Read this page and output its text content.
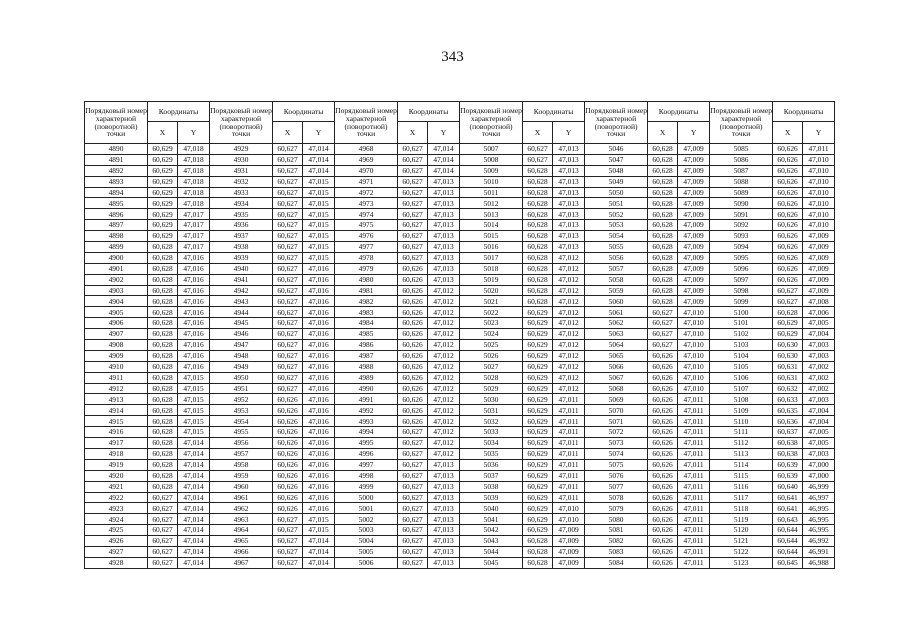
343
Порядковый номер характерной (поворотной) точки	Координаты		Порядковый номер характерной (поворотной) точки	Координаты		Порядковый номер характерной (поворотной) точки	Координаты		Порядковый номер характерной (поворотной) точки	Координаты		Порядковый номер характерной (поворотной) точки	Координаты		Порядковый номер характерной (поворотной) точки	Координаты	
	X	Y		X	Y		X	Y		X	Y		X	Y		X	Y
4890	60,629	47,018	4929	60,627	47,014	4968	60,627	47,014	5007	60,627	47,013	5046	60,628	47,009	5085	60,626	47,011
4891	60,629	47,018	4930	60,627	47,014	4969	60,627	47,014	5008	60,627	47,013	5047	60,628	47,009	5086	60,626	47,010
4892	60,629	47,018	4931	60,627	47,014	4970	60,627	47,014	5009	60,628	47,013	5048	60,628	47,009	5087	60,626	47,010
4893	60,629	47,018	4932	60,627	47,015	4971	60,627	47,013	5010	60,628	47,013	5049	60,628	47,009	5088	60,626	47,010
4894	60,629	47,018	4933	60,627	47,015	4972	60,627	47,013	5011	60,628	47,013	5050	60,628	47,009	5089	60,626	47,010
4895	60,629	47,018	4934	60,627	47,015	4973	60,627	47,013	5012	60,628	47,013	5051	60,628	47,009	5090	60,626	47,010
4896	60,629	47,017	4935	60,627	47,015	4974	60,627	47,013	5013	60,628	47,013	5052	60,628	47,009	5091	60,626	47,010
4897	60,629	47,017	4936	60,627	47,015	4975	60,627	47,013	5014	60,628	47,013	5053	60,628	47,009	5092	60,626	47,010
4898	60,629	47,017	4937	60,627	47,015	4976	60,627	47,013	5015	60,628	47,013	5054	60,628	47,009	5093	60,626	47,009
4899	60,628	47,017	4938	60,627	47,015	4977	60,627	47,013	5016	60,628	47,013	5055	60,628	47,009	5094	60,626	47,009
4900	60,628	47,016	4939	60,627	47,015	4978	60,627	47,013	5017	60,628	47,012	5056	60,628	47,009	5095	60,626	47,009
4901	60,628	47,016	4940	60,627	47,016	4979	60,626	47,013	5018	60,628	47,012	5057	60,628	47,009	5096	60,626	47,009
4902	60,628	47,016	4941	60,627	47,016	4980	60,626	47,013	5019	60,628	47,012	5058	60,628	47,009	5097	60,626	47,009
4903	60,628	47,016	4942	60,627	47,016	4981	60,626	47,012	5020	60,628	47,012	5059	60,628	47,009	5098	60,627	47,009
4904	60,628	47,016	4943	60,627	47,016	4982	60,626	47,012	5021	60,628	47,012	5060	60,628	47,009	5099	60,627	47,008
4905	60,628	47,016	4944	60,627	47,016	4983	60,626	47,012	5022	60,629	47,012	5061	60,627	47,010	5100	60,628	47,006
4906	60,628	47,016	4945	60,627	47,016	4984	60,626	47,012	5023	60,629	47,012	5062	60,627	47,010	5101	60,629	47,005
4907	60,628	47,016	4946	60,627	47,016	4985	60,626	47,012	5024	60,629	47,012	5063	60,627	47,010	5102	60,629	47,004
4908	60,628	47,016	4947	60,627	47,016	4986	60,626	47,012	5025	60,629	47,012	5064	60,627	47,010	5103	60,630	47,003
4909	60,628	47,016	4948	60,627	47,016	4987	60,626	47,012	5026	60,629	47,012	5065	60,626	47,010	5104	60,630	47,003
4910	60,628	47,016	4949	60,627	47,016	4988	60,626	47,012	5027	60,629	47,012	5066	60,626	47,010	5105	60,631	47,002
4911	60,628	47,015	4950	60,627	47,016	4989	60,626	47,012	5028	60,629	47,012	5067	60,626	47,010	5106	60,631	47,002
4912	60,628	47,015	4951	60,627	47,016	4990	60,626	47,012	5029	60,629	47,012	5068	60,626	47,010	5107	60,632	47,002
4913	60,628	47,015	4952	60,626	47,016	4991	60,626	47,012	5030	60,629	47,011	5069	60,626	47,011	5108	60,633	47,003
4914	60,628	47,015	4953	60,626	47,016	4992	60,626	47,012	5031	60,629	47,011	5070	60,626	47,011	5109	60,635	47,004
4915	60,628	47,015	4954	60,626	47,016	4993	60,626	47,012	5032	60,629	47,011	5071	60,626	47,011	5110	60,636	47,004
4916	60,628	47,015	4955	60,626	47,016	4994	60,627	47,012	5033	60,629	47,011	5072	60,626	47,011	5111	60,637	47,005
4917	60,628	47,014	4956	60,626	47,016	4995	60,627	47,012	5034	60,629	47,011	5073	60,626	47,011	5112	60,638	47,005
4918	60,628	47,014	4957	60,626	47,016	4996	60,627	47,012	5035	60,629	47,011	5074	60,626	47,011	5113	60,638	47,003
4919	60,628	47,014	4958	60,626	47,016	4997	60,627	47,013	5036	60,629	47,011	5075	60,626	47,011	5114	60,639	47,000
4920	60,628	47,014	4959	60,626	47,016	4998	60,627	47,013	5037	60,629	47,011	5076	60,626	47,011	5115	60,639	47,000
4921	60,628	47,014	4960	60,626	47,016	4999	60,627	47,013	5038	60,629	47,011	5077	60,626	47,011	5116	60,640	46,999
4922	60,627	47,014	4961	60,626	47,016	5000	60,627	47,013	5039	60,629	47,011	5078	60,626	47,011	5117	60,641	46,997
4923	60,627	47,014	4962	60,626	47,016	5001	60,627	47,013	5040	60,629	47,010	5079	60,626	47,011	5118	60,641	46,995
4924	60,627	47,014	4963	60,627	47,015	5002	60,627	47,013	5041	60,629	47,010	5080	60,626	47,011	5119	60,643	46,995
4925	60,627	47,014	4964	60,627	47,015	5003	60,627	47,013	5042	60,629	47,009	5081	60,626	47,011	5120	60,644	46,995
4926	60,627	47,014	4965	60,627	47,014	5004	60,627	47,013	5043	60,628	47,009	5082	60,626	47,011	5121	60,644	46,992
4927	60,627	47,014	4966	60,627	47,014	5005	60,627	47,013	5044	60,628	47,009	5083	60,626	47,011	5122	60,644	46,991
4928	60,627	47,014	4967	60,627	47,014	5006	60,627	47,013	5045	60,628	47,009	5084	60,626	47,011	5123	60,645	46,988
